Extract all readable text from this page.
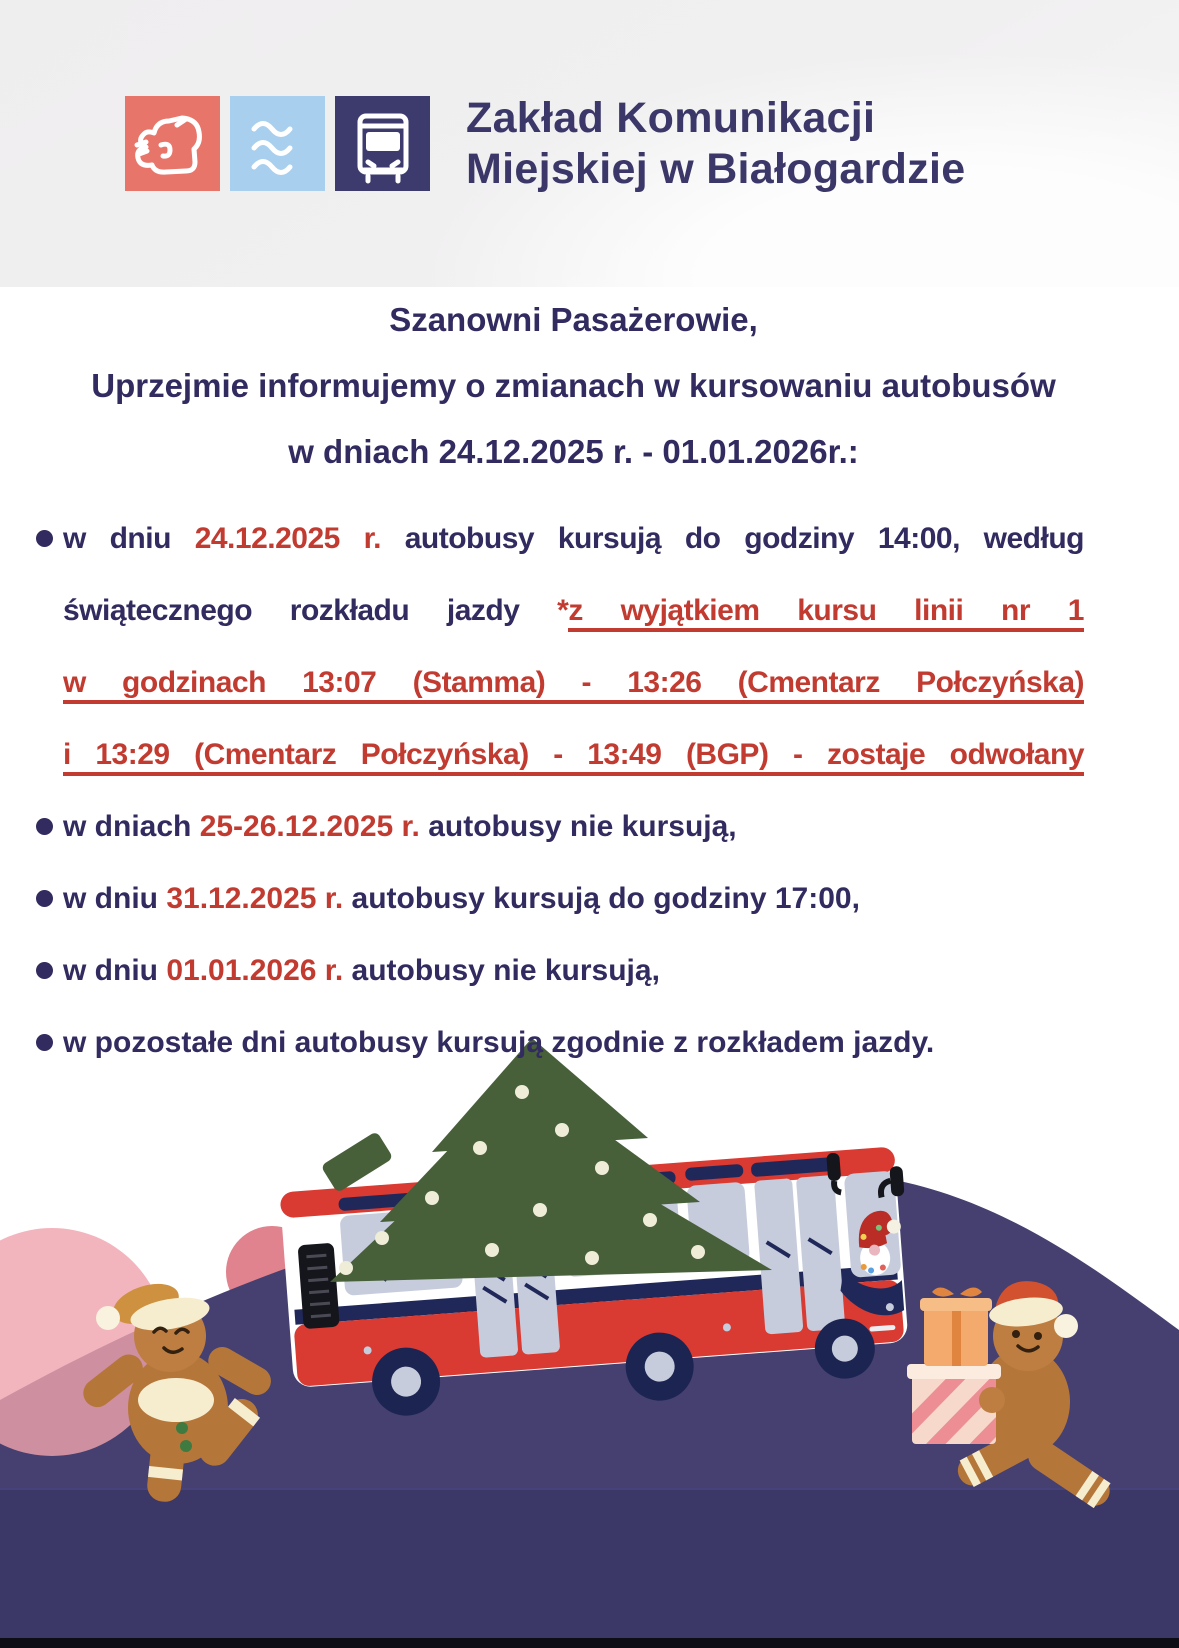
Zakład Komunikacji
Miejskiej w Białogardzie
Szanowni Pasażerowie,
Uprzejmie informujemy o zmianach w kursowaniu autobusów
w dniach 24.12.2025 r. - 01.01.2026r.:
w dniu 24.12.2025 r. autobusy kursują do godziny 14:00, według
świątecznego rozkładu jazdy *z wyjątkiem kursu linii nr 1
w godzinach 13:07 (Stamma) - 13:26 (Cmentarz Połczyńska)
i 13:29 (Cmentarz Połczyńska) - 13:49 (BGP) - zostaje odwołany
w dniach 25-26.12.2025 r. autobusy nie kursują,
w dniu 31.12.2025 r. autobusy kursują do godziny 17:00,
w dniu 01.01.2026 r. autobusy nie kursują,
w pozostałe dni autobusy kursują zgodnie z rozkładem jazdy.
